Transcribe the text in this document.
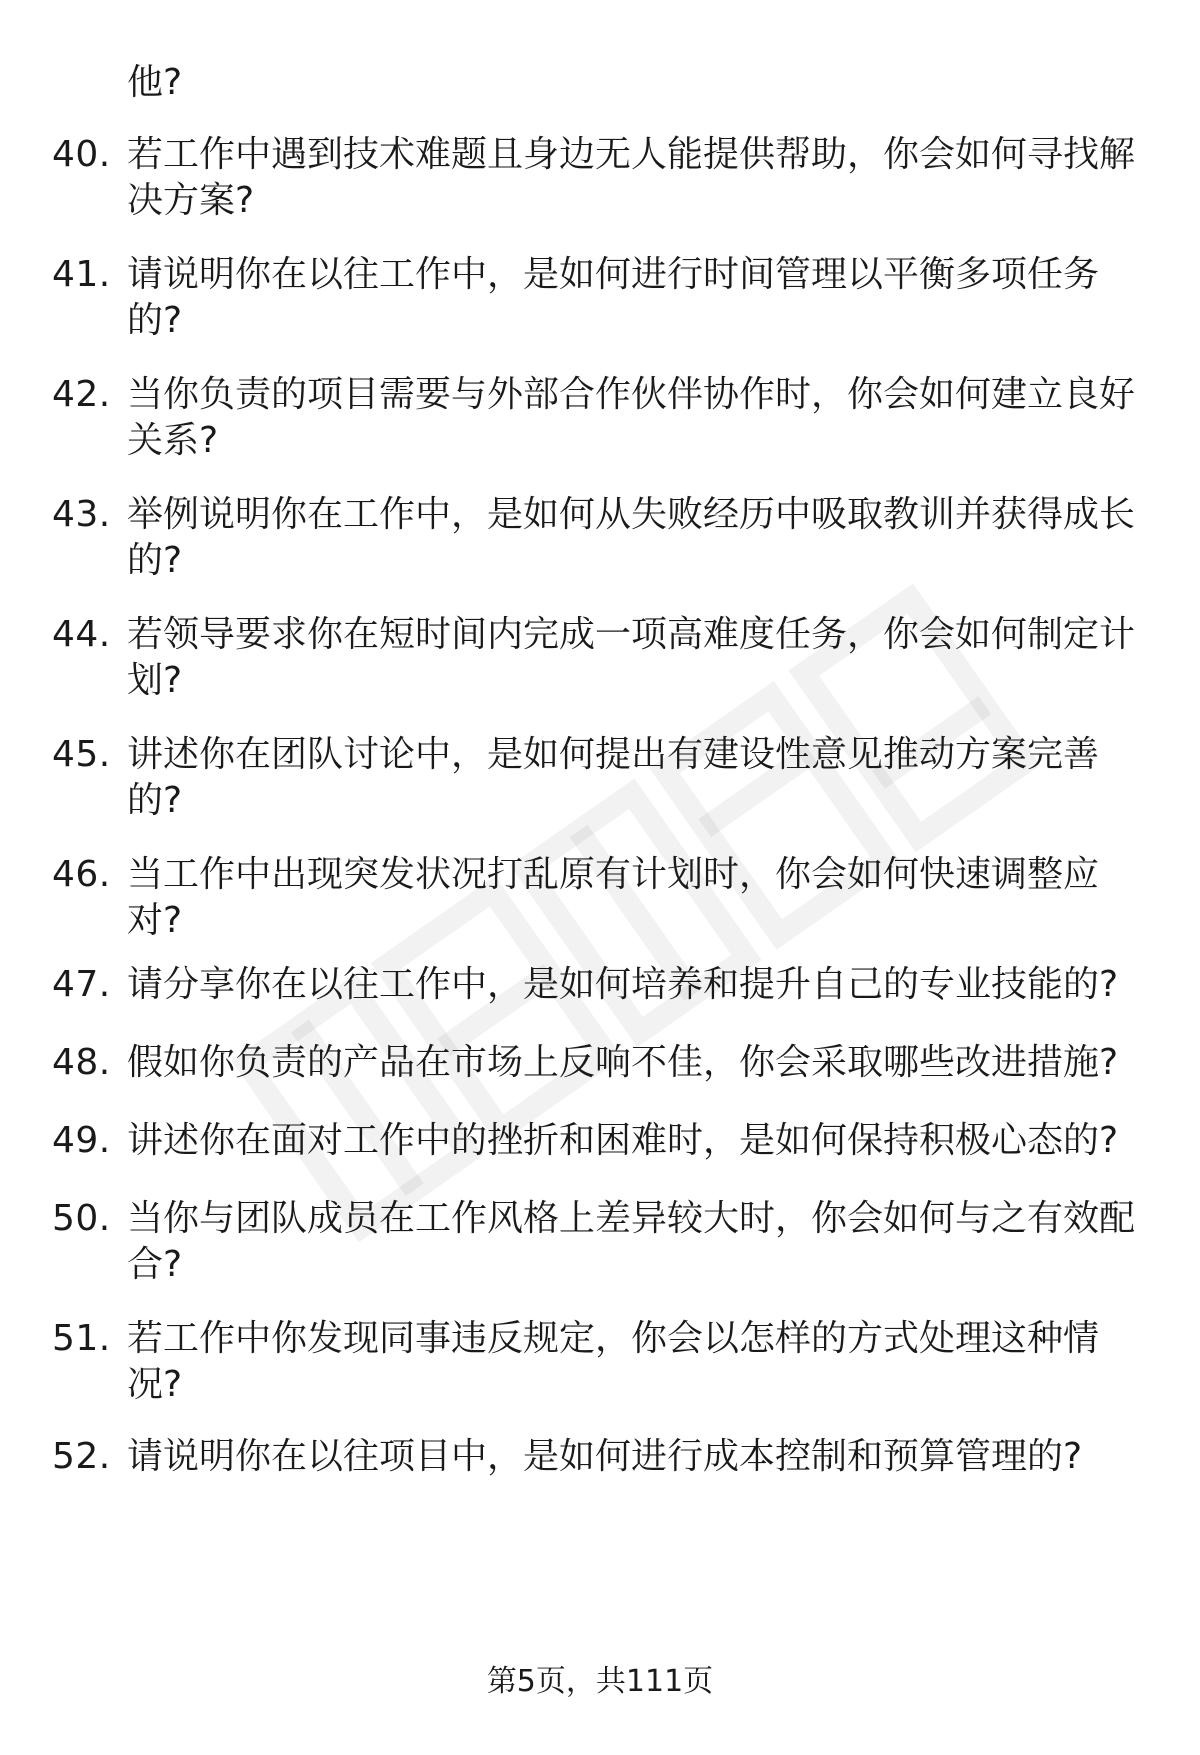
他?

40. 若工作中遇到技术难题且身边无人能提供帮助，你会如何寻找解决方案?
41. 请说明你在以往工作中，是如何进行时间管理以平衡多项任务的?
42. 当你负责的项目需要与外部合作伙伴协作时，你会如何建立良好关系?
43. 举例说明你在工作中，是如何从失败经历中吸取教训并获得成长的?
44. 若领导要求你在短时间内完成一项高难度任务，你会如何制定计划?
45. 讲述你在团队讨论中，是如何提出有建设性意见推动方案完善的?
46. 当工作中出现突发状况打乱原有计划时，你会如何快速调整应对?
47. 请分享你在以往工作中，是如何培养和提升自己的专业技能的?
48. 假如你负责的产品在市场上反响不佳，你会采取哪些改进措施?
49. 讲述你在面对工作中的挫折和困难时，是如何保持积极心态的?
50. 当你与团队成员在工作风格上差异较大时，你会如何与之有效配合?
51. 若工作中你发现同事违反规定，你会以怎样的方式处理这种情况?
52. 请说明你在以往项目中，是如何进行成本控制和预算管理的?
第5页，共111页
